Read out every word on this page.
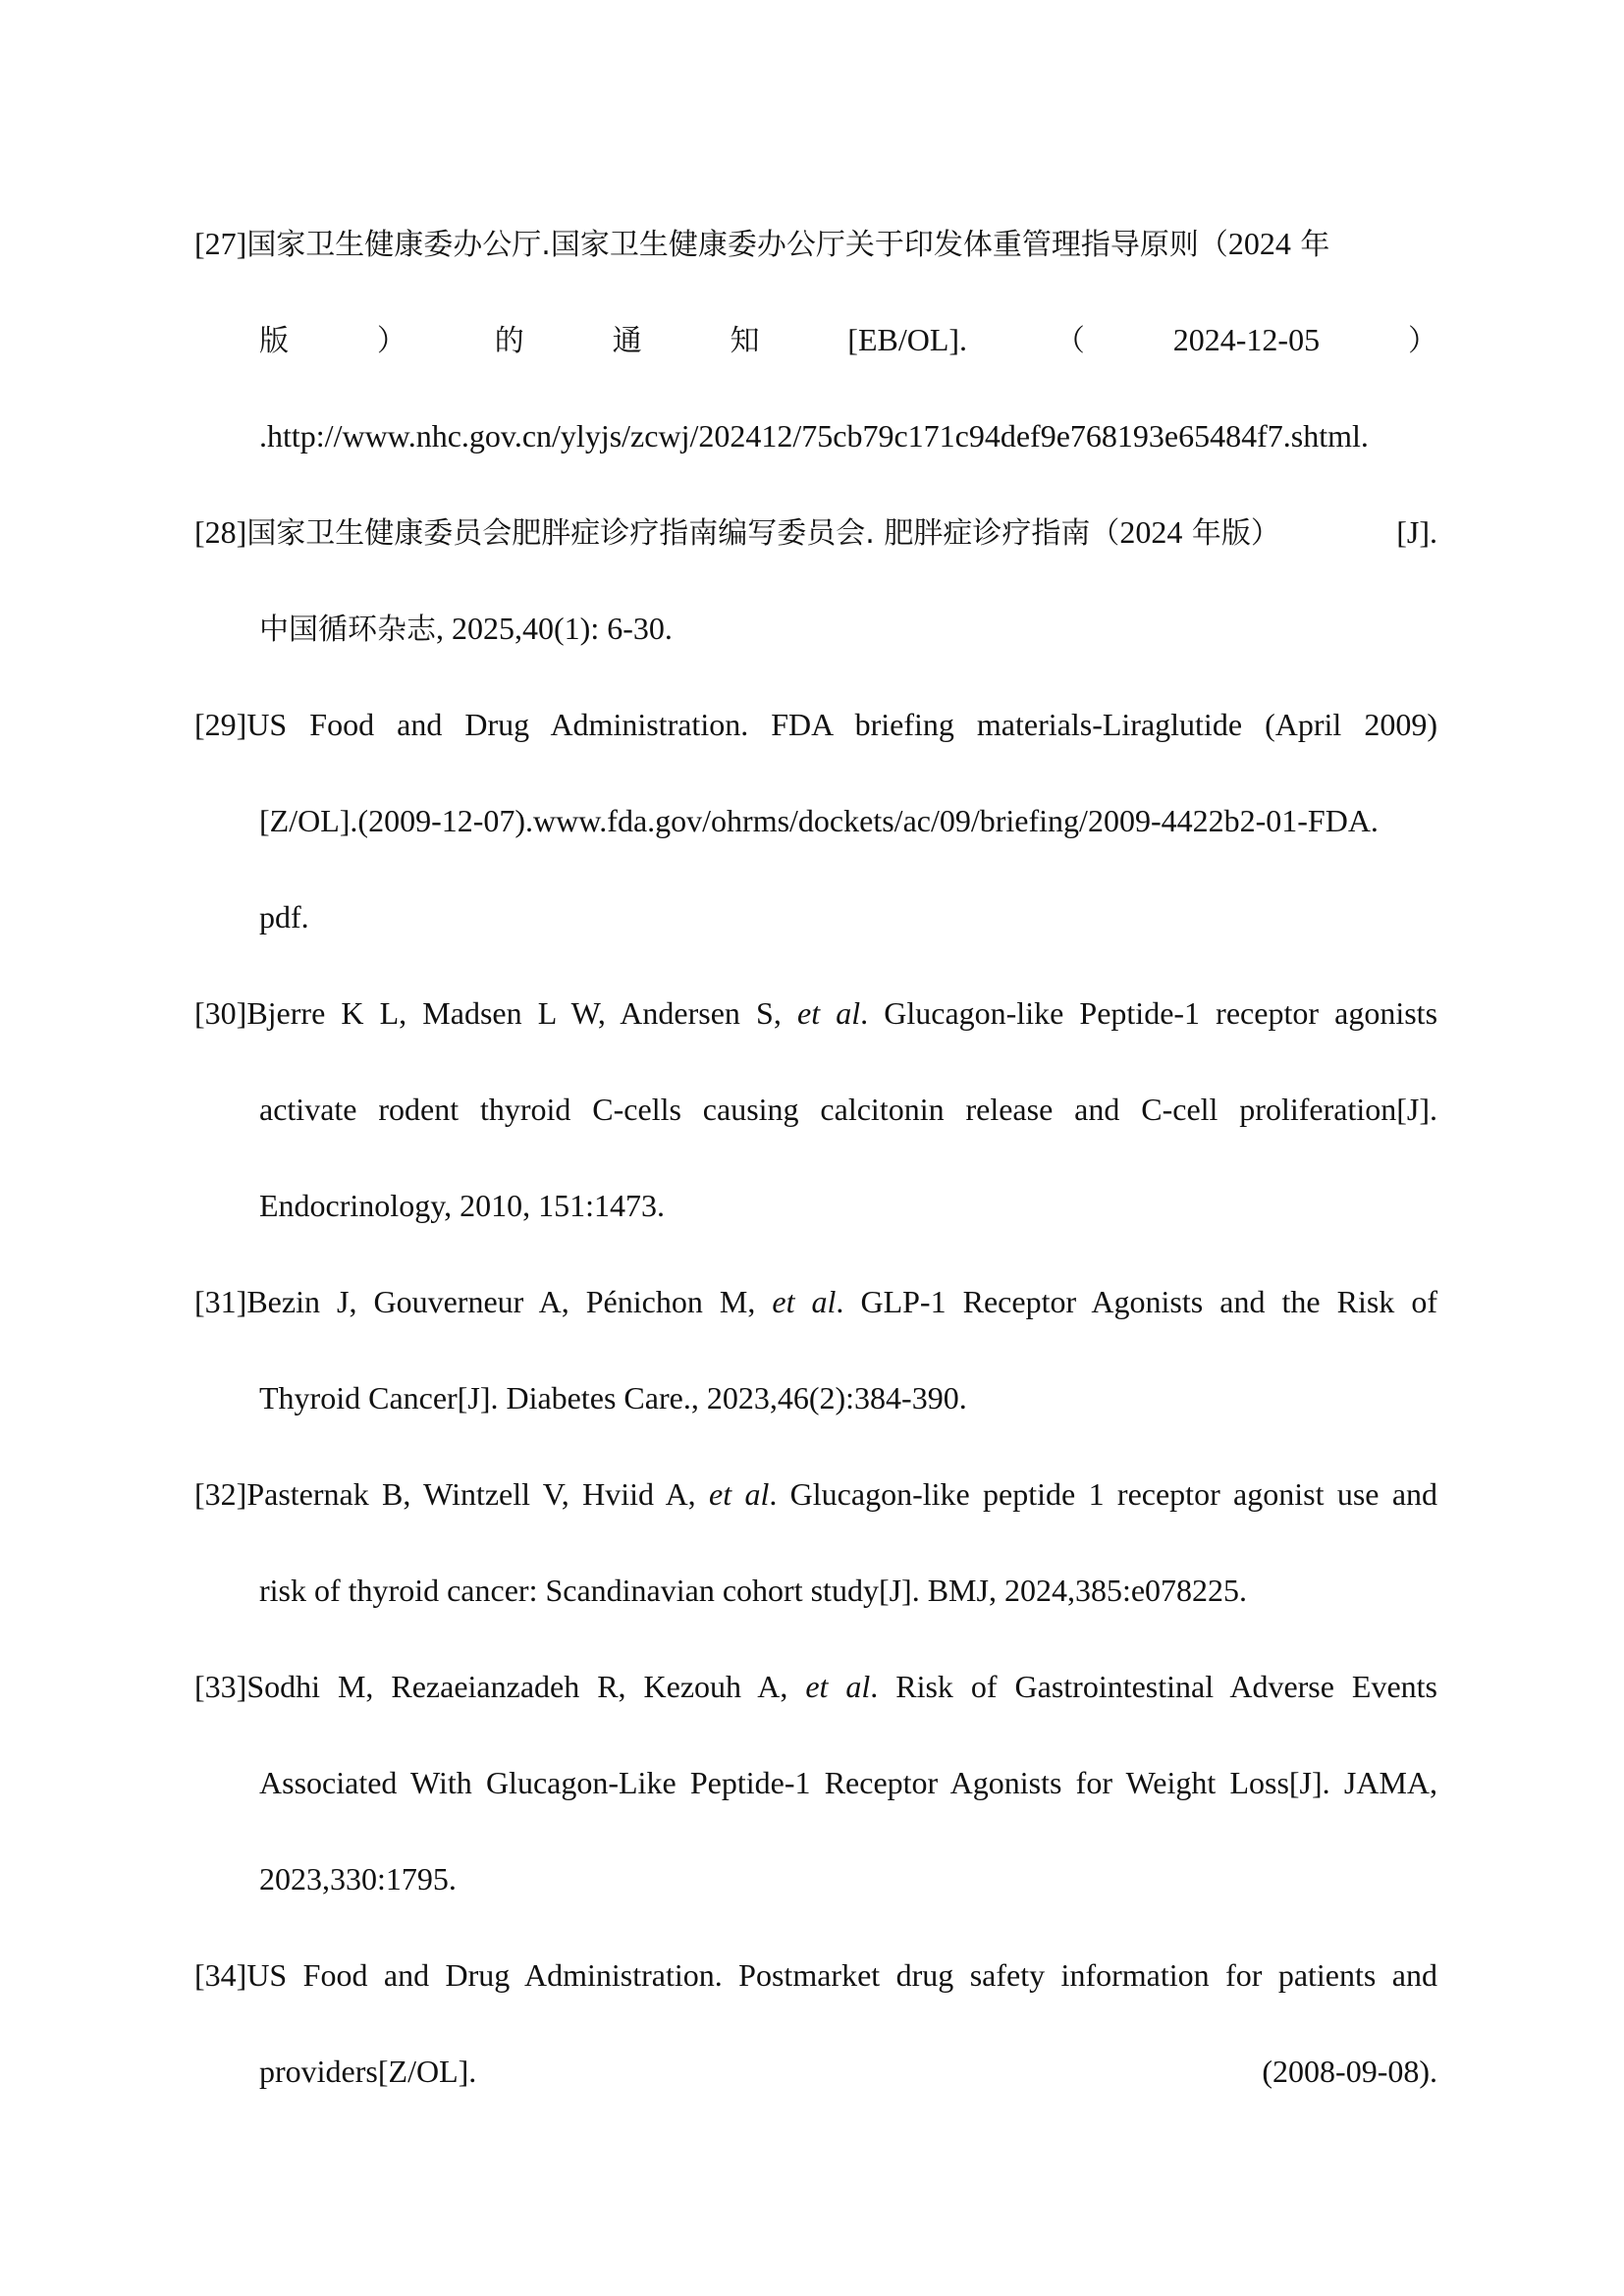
[27]国家卫生健康委办公厅.国家卫生健康委办公厅关于印发体重管理指导原则（2024 年
版	）	的	通	知	[EB/OL].	（	2024-12-05	）
.http://www.nhc.gov.cn/ylyjs/zcwj/202412/75cb79c171c94def9e768193e65484f7.shtml.
[28]国家卫生健康委员会肥胖症诊疗指南编写委员会. 肥胖症诊疗指南（2024 年版）	[J].
中国循环杂志, 2025,40(1): 6-30.
[29]US Food and Drug Administration. FDA briefing materials-Liraglutide (April 2009)
[Z/OL].(2009-12-07).www.fda.gov/ohrms/dockets/ac/09/briefing/2009-4422b2-01-FDA.
pdf.
[30]Bjerre K L, Madsen L W, Andersen S, et al. Glucagon-like Peptide-1 receptor agonists
activate rodent thyroid C-cells causing calcitonin release and C-cell proliferation[J].
Endocrinology, 2010, 151:1473.
[31]Bezin J, Gouverneur A, Pénichon M, et al. GLP-1 Receptor Agonists and the Risk of
Thyroid Cancer[J]. Diabetes Care., 2023,46(2):384-390.
[32]Pasternak B, Wintzell V, Hviid A, et al. Glucagon-like peptide 1 receptor agonist use and
risk of thyroid cancer: Scandinavian cohort study[J]. BMJ, 2024,385:e078225.
[33]Sodhi M, Rezaeianzadeh R, Kezouh A, et al. Risk of Gastrointestinal Adverse Events
Associated With Glucagon-Like Peptide-1 Receptor Agonists for Weight Loss[J]. JAMA,
2023,330:1795.
[34]US Food and Drug Administration. Postmarket drug safety information for patients and
providers[Z/OL].	(2008-09-08).
